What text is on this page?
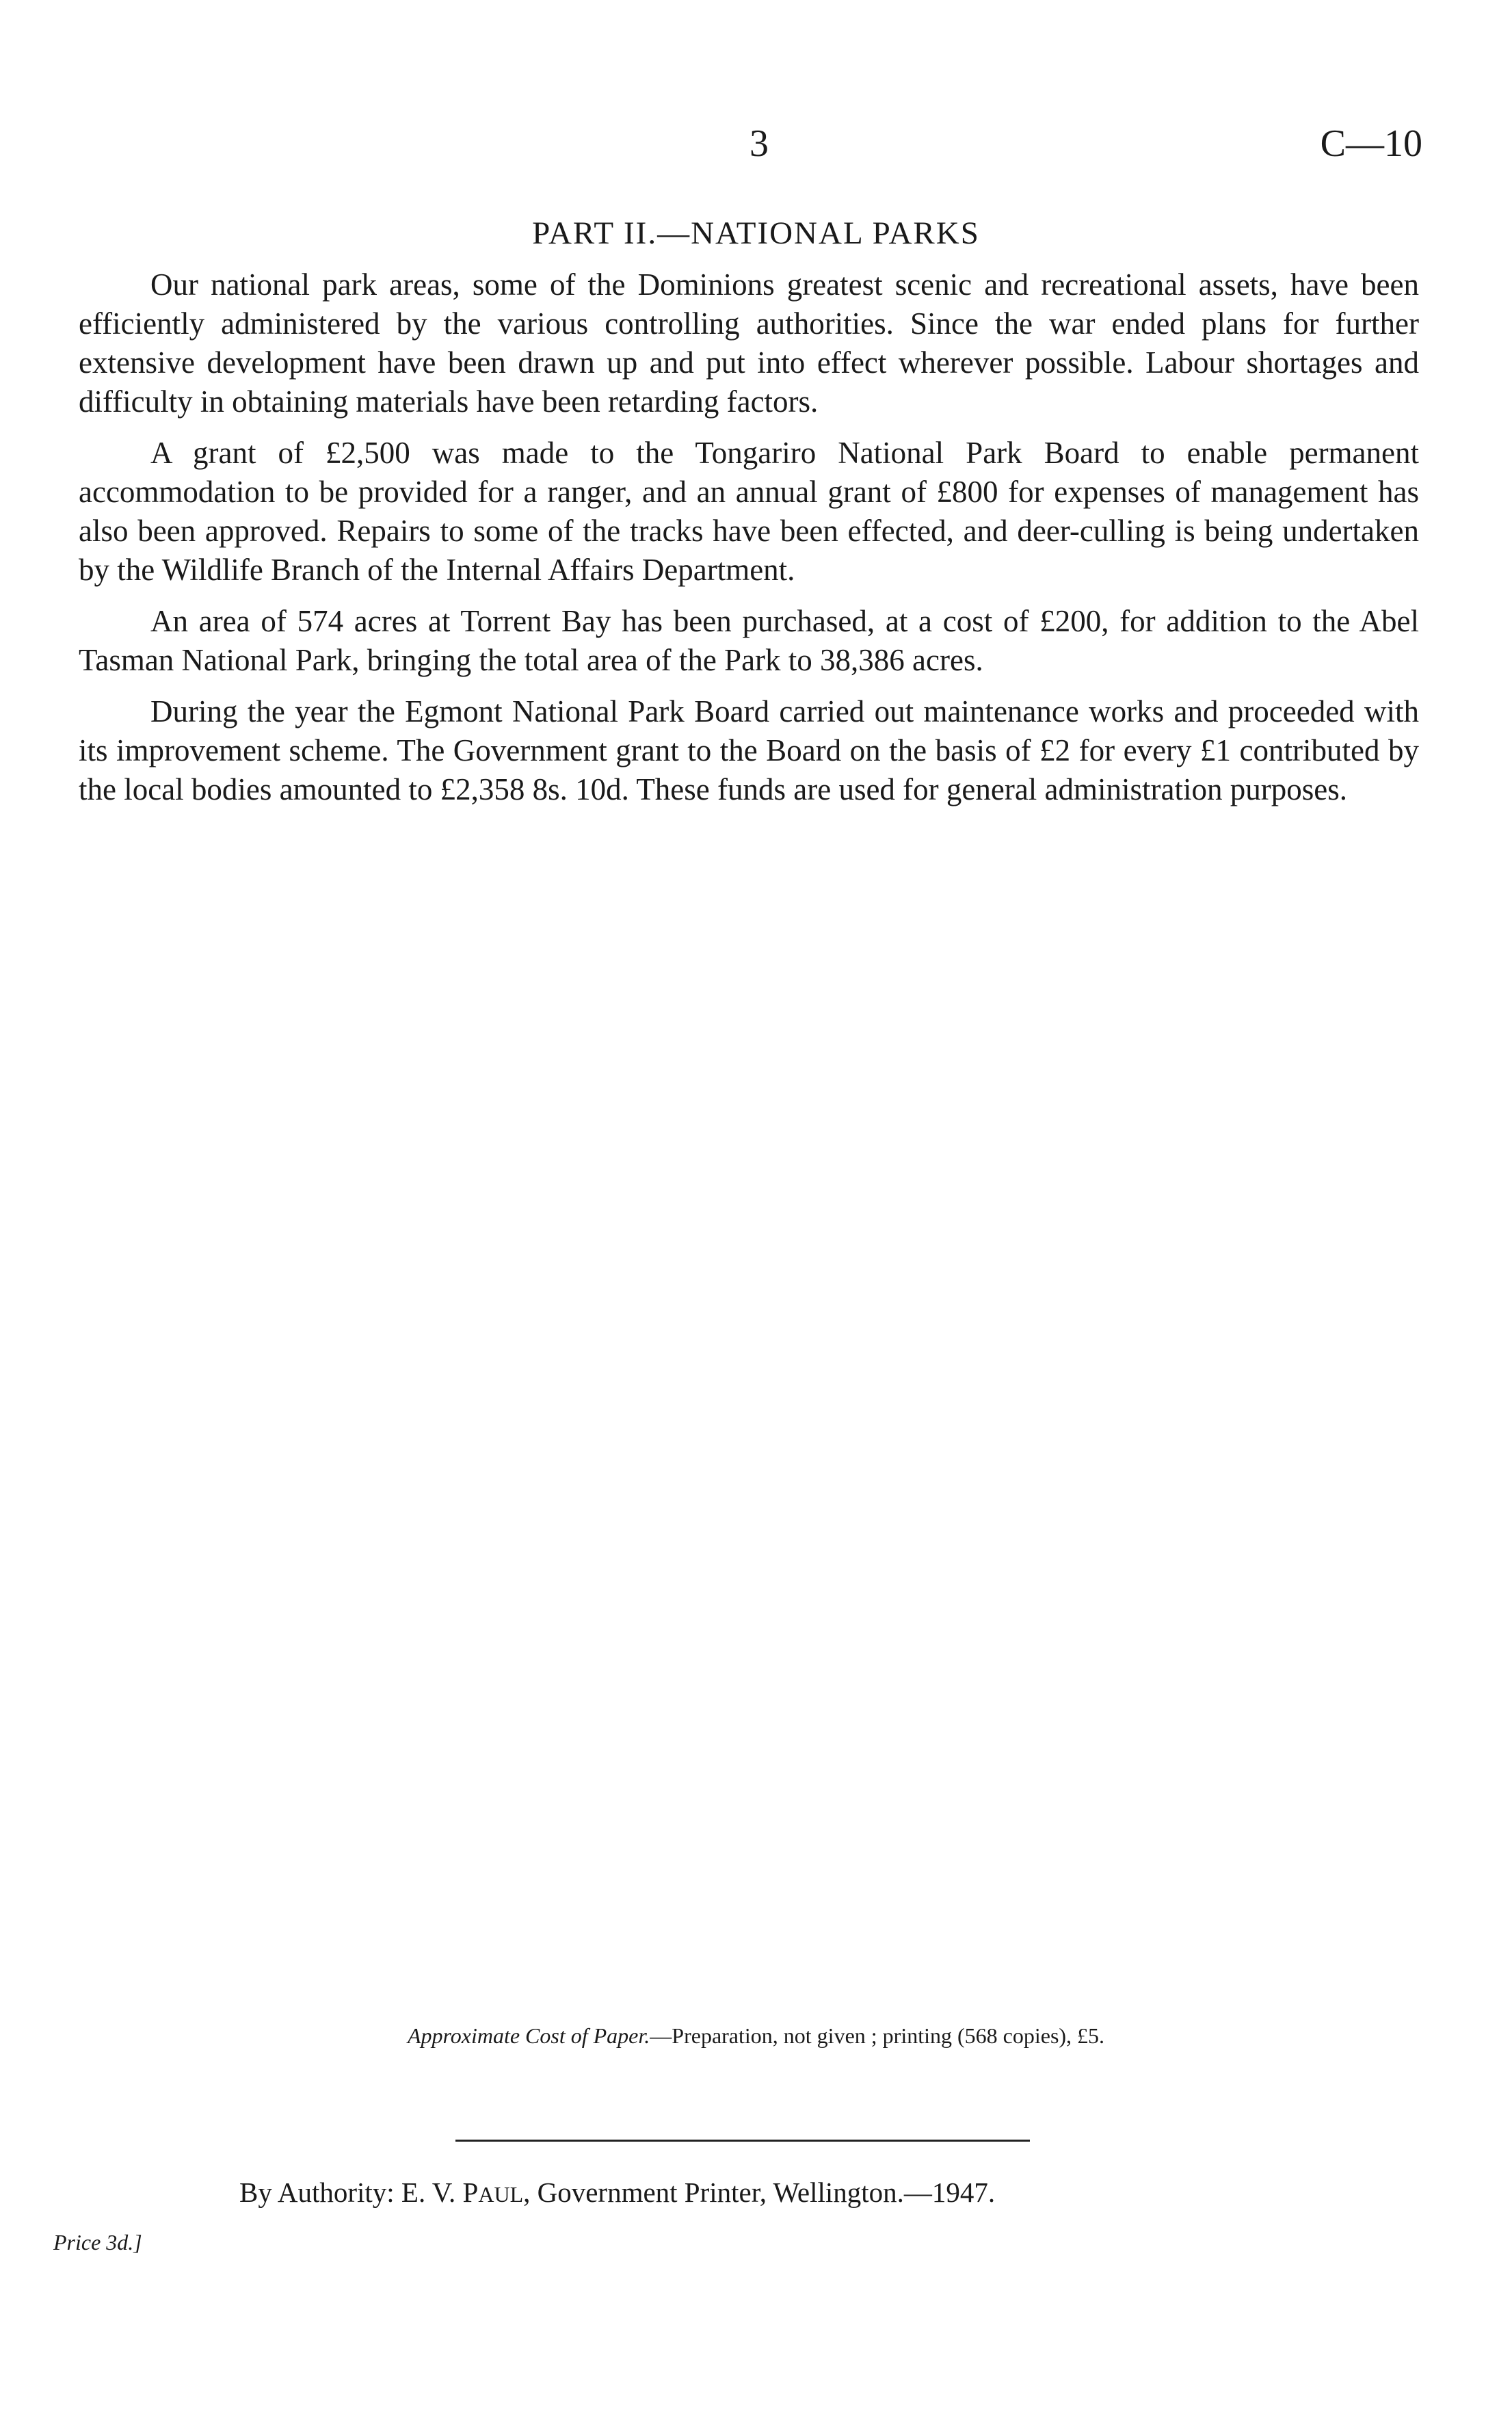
3	C—10
PART II.—NATIONAL PARKS

Our national park areas, some of the Dominions greatest scenic and recreational assets, have been efficiently administered by the various controlling authorities. Since the war ended plans for further extensive development have been drawn up and put into effect wherever possible. Labour shortages and difficulty in obtaining materials have been retarding factors.

A grant of £2,500 was made to the Tongariro National Park Board to enable permanent accommodation to be provided for a ranger, and an annual grant of £800 for expenses of management has also been approved. Repairs to some of the tracks have been effected, and deer-culling is being undertaken by the Wildlife Branch of the Internal Affairs Department.

An area of 574 acres at Torrent Bay has been purchased, at a cost of £200, for addition to the Abel Tasman National Park, bringing the total area of the Park to 38,386 acres.

During the year the Egmont National Park Board carried out maintenance works and proceeded with its improvement scheme. The Government grant to the Board on the basis of £2 for every £1 contributed by the local bodies amounted to £2,358 8s. 10d. These funds are used for general administration purposes.

Approximate Cost of Paper.—Preparation, not given ; printing (568 copies), £5.
By Authority: E. V. PAUL, Government Printer, Wellington.—1947.
Price 3d.]
